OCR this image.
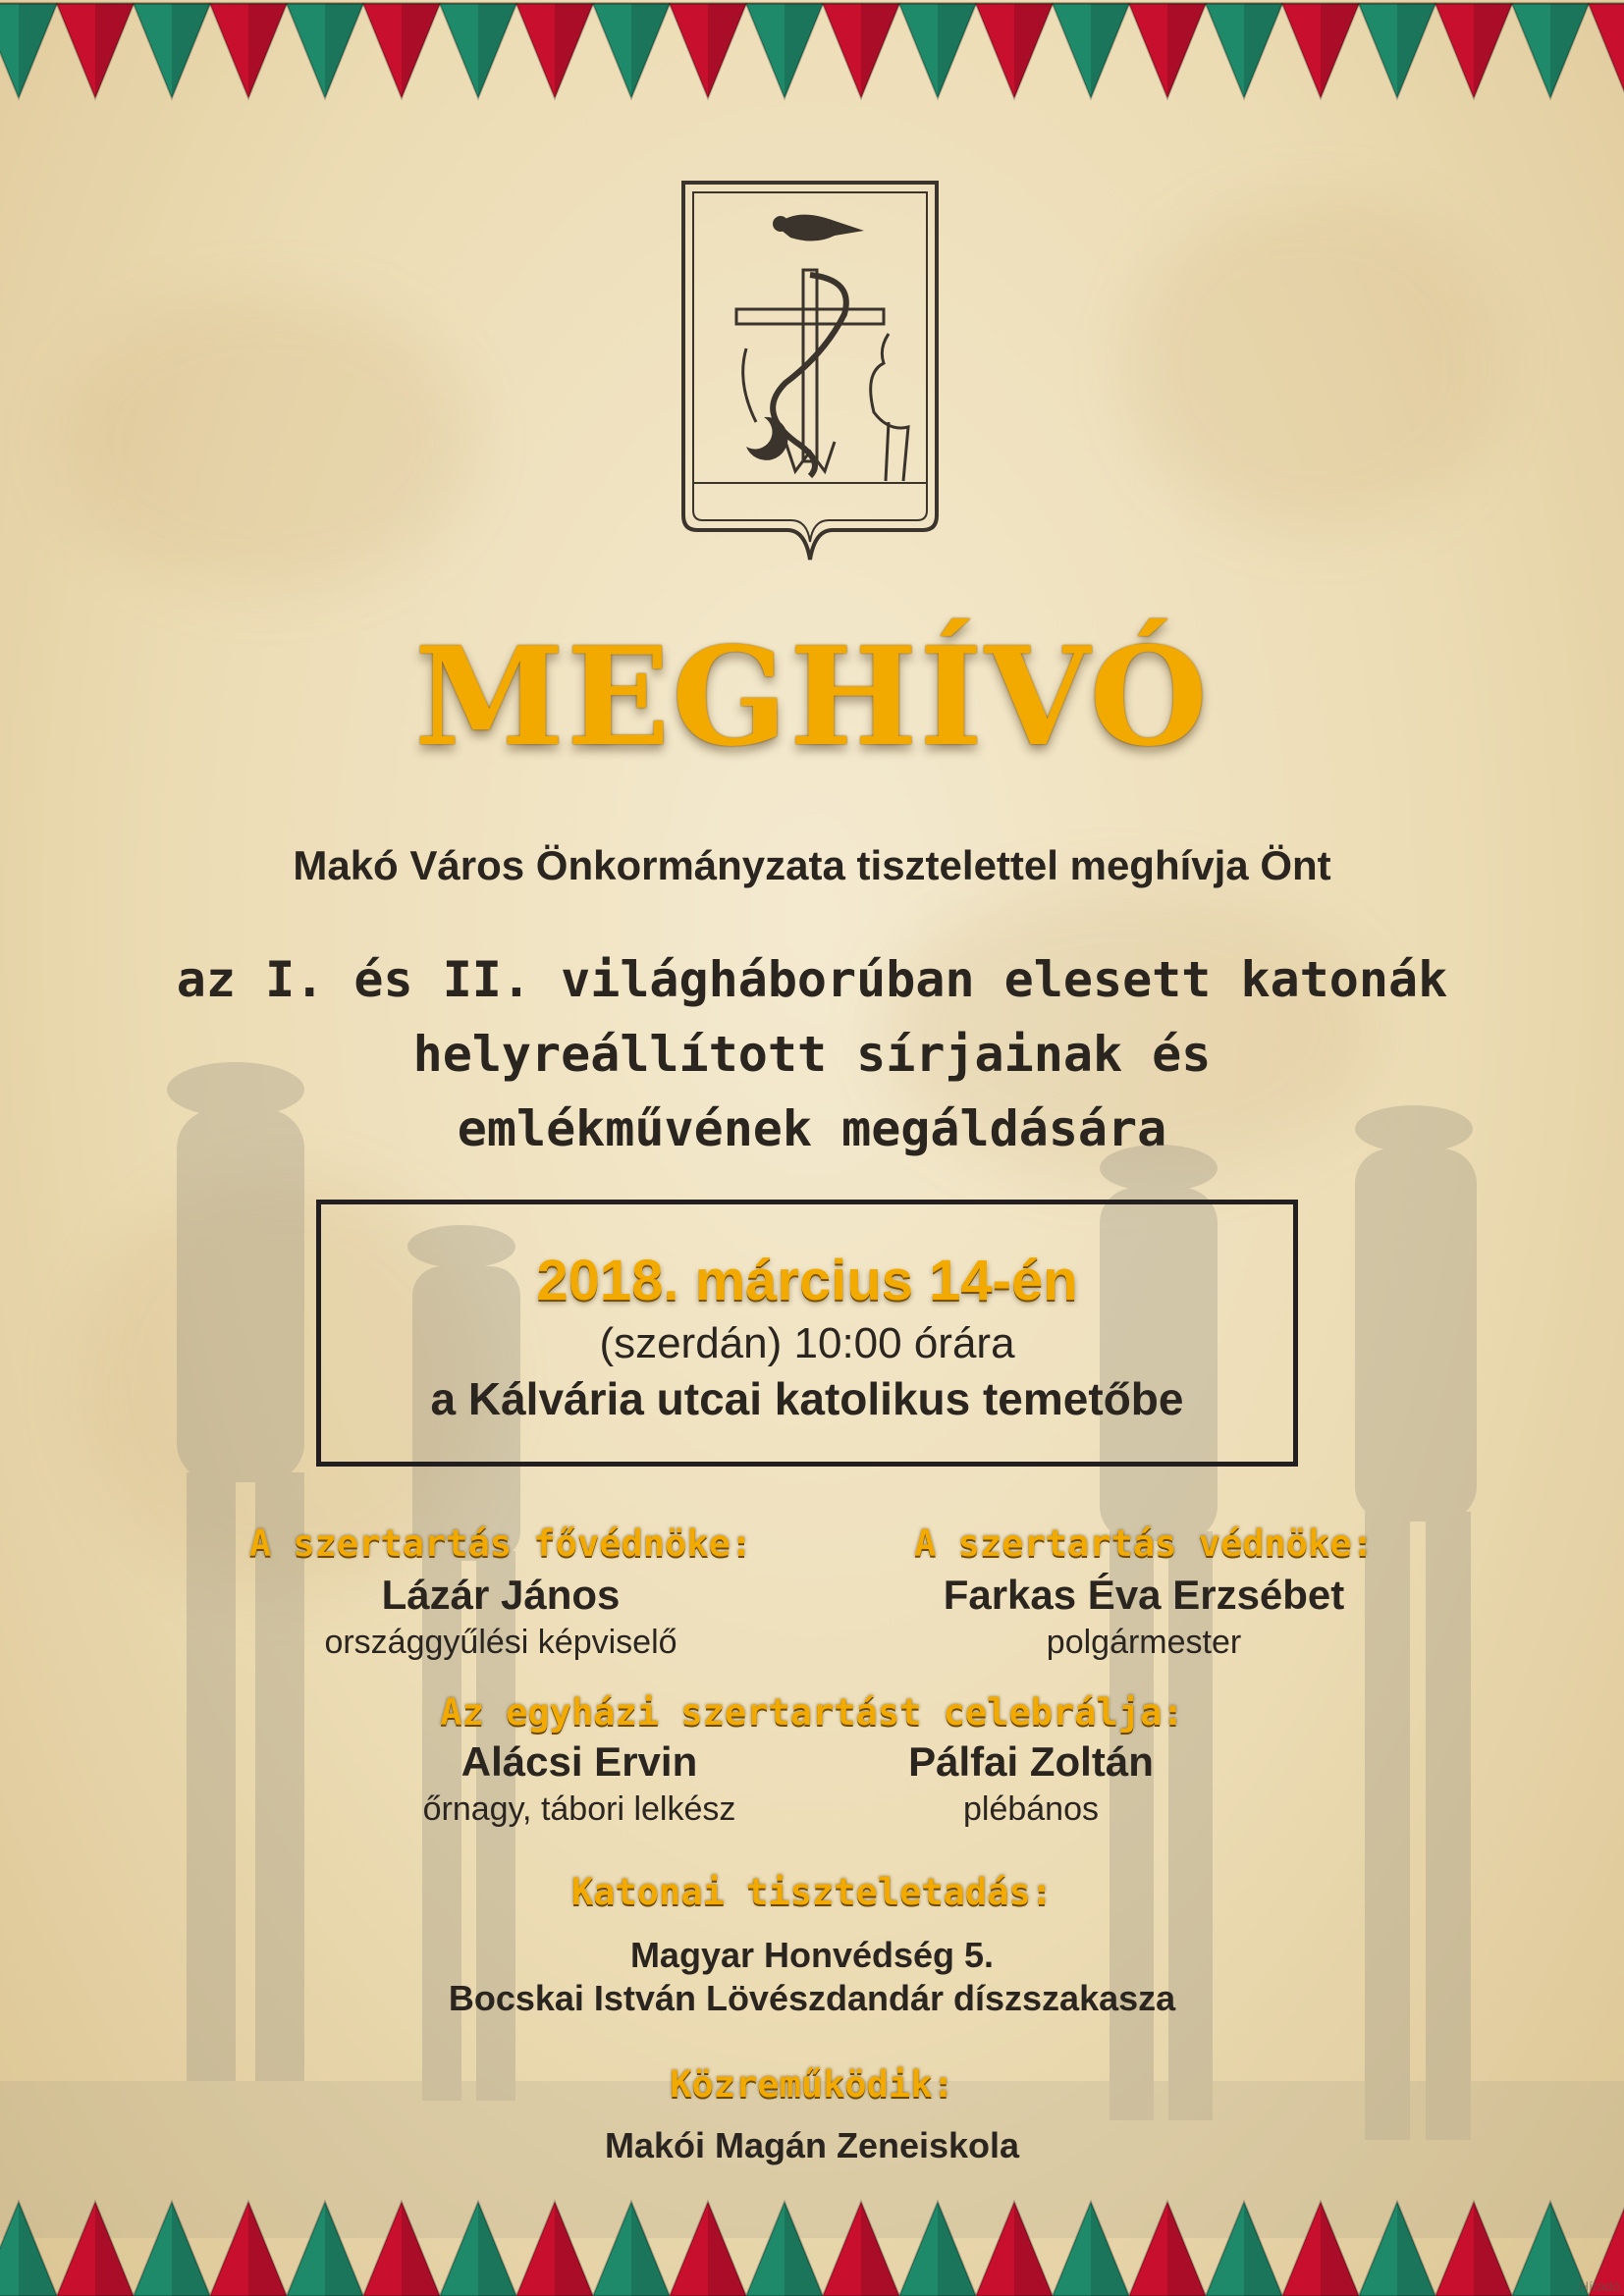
MEGHÍVÓ
Makó Város Önkormányzata tisztelettel meghívja Önt
az I. és II. világháborúban elesett katonák
helyreállított sírjainak és
emlékművének megáldására
2018. március 14-én
(szerdán) 10:00 órára
a Kálvária utcai katolikus temetőbe
A szertartás fővédnöke:
Lázár János
országgyűlési képviselő
A szertartás védnöke:
Farkas Éva Erzsébet
polgármester
Az egyházi szertartást celebrálja:
Alácsi Ervin
őrnagy, tábori lelkész
Pálfai Zoltán
plébános
Katonai tiszteletadás:
Magyar Honvédség 5.
Bocskai István Lövészdandár díszszakasza
Közreműködik:
Makói Magán Zeneiskola
Híradó
